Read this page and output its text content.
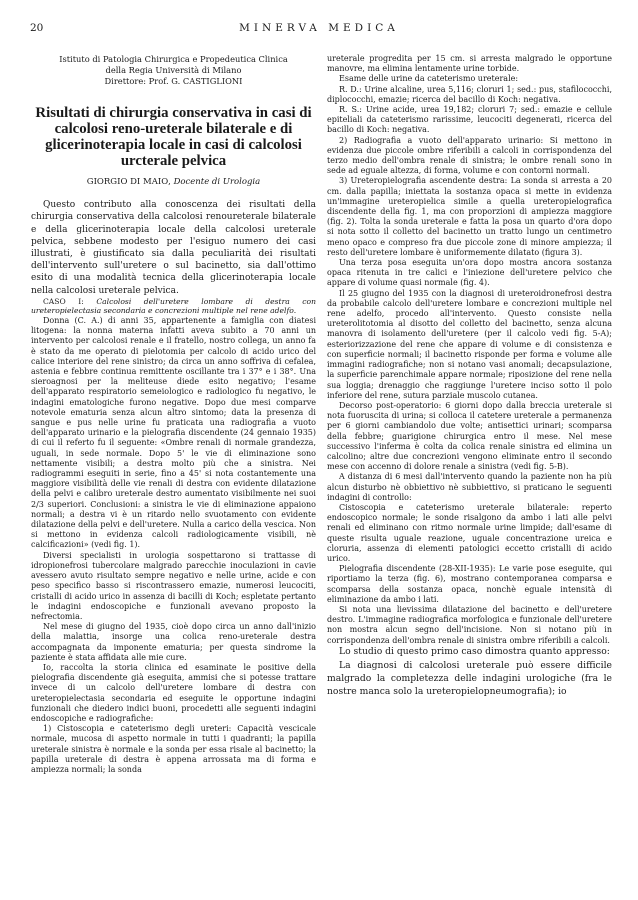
20	MINERVA MEDICA
Istituto di Patologia Chirurgica e Propedeutica Clinica
della Regia Università di Milano
Direttore: Prof. G. CASTIGLIONI
Risultati di chirurgia conservativa in casi di calcolosi reno-ureterale bilaterale e di glicerinoterapia locale in casi di calcolosi urcterale pelvica
GIORGIO DI MAIO, Docente di Urologia

Questo contributo alla conoscenza dei risultati della chirurgia conservativa della calcolosi renoureterale bilaterale e della glicerinoterapia locale della calcolosi ureterale pelvica, sebbene modesto per l'esiguo numero dei casi illustrati, è giustificato sia dalla peculiarità dei risultati dell'intervento sull'uretere o sul bacinetto, sia dall'ottimo esito di una modalità tecnica della glicerinoterapia locale nella calcolosi ureterale pelvica.

CASO I: Calcolosi dell'uretere lombare di destra con ureteropielectasia secondaria e concrezioni multiple nel rene adelfo.

Donna (C. A.) di anni 35, appartenente a famiglia con diatesi litogena: la nonna materna infatti aveva subito a 70 anni un intervento per calcolosi renale e il fratello, nostro collega, un anno fa è stato da me operato di pielotomia per calcolo di acido urico del calice interiore del rene sinistro; da circa un anno soffriva di cefalea, astenia e febbre continua remittente oscillante tra i 37° e i 38°. Una sieroagnosi per la meliteuse diede esito negativo; l'esame dell'apparato respiratorio semeiologico e radiologico fu negativo, le indagini ematologiche furono negative. Dopo due mesi comparve notevole ematuria senza alcun altro sintomo; data la presenza di sangue e pus nelle urine fu praticata una radiografia a vuoto dell'apparato urinario e la pielografia discendente (24 gennaio 1935) di cui il referto fu il seguente: «Ombre renali di normale grandezza, uguali, in sede normale. Dopo 5' le vie di eliminazione sono nettamente visibili; a destra molto più che a sinistra. Nei radiogrammi eseguiti in serie, fino a 45' si nota costantemente una maggiore visibilità delle vie renali di destra con evidente dilatazione della pelvi e calibro ureterale destro aumentato visibilmente nei suoi 2/3 superiori. Conclusioni: a sinistra le vie di eliminazione appaiono normali; a destra vi è un ritardo nello svuotamento con evidente dilatazione della pelvi e dell'uretere. Nulla a carico della vescica. Non si mettono in evidenza calcoli radiologicamente visibili, nè calcificazioni» (vedi fig. 1).

Diversi specialisti in urologia sospettarono si trattasse di idropionefrosi tubercolare malgrado parecchie inoculazioni in cavie avessero avuto risultato sempre negativo e nelle urine, acide e con peso specifico basso si riscontrassero emazie, numerosi leucociti, cristalli di acido urico in assenza di bacilli di Koch; espletate pertanto le indagini endoscopiche e funzionali avevano proposto la nefrectomia.

Nel mese di giugno del 1935, cioè dopo circa un anno dall'inizio della malattia, insorge una colica reno-ureterale destra accompagnata da imponente ematuria; per questa sindrome la paziente è stata affidata alle mie cure.

Io, raccolta la storia clinica ed esaminate le positive della pielografia discendente già eseguita, ammisi che si potesse trattare invece di un calcolo dell'uretere lombare di destra con ureteropielectasia secondaria ed eseguite le opportune indagini funzionali che diedero indici buoni, procedetti alle seguenti indagini endoscopiche e radiografiche:

1) Cistoscopia e cateterismo degli ureteri: Capacità vescicale normale, mucosa di aspetto normale in tutti i quadranti; la papilla ureterale sinistra è normale e la sonda per essa risale al bacinetto; la papilla ureterale di destra è appena arrossata ma di forma e ampiezza normali; la sonda

ureterale progredita per 15 cm. si arresta malgrado le opportune manovre, ma elimina lentamente urine torbide.

Esame delle urine da cateterismo ureterale:

R. D.: Urine alcaline, urea 5,116; clorurі 1; sed.: pus, stafilococchi, diplococchi, emazie; ricerca del bacillo di Koch: negativa.

R. S.: Urine acide, urea 19,182; cloruri 7; sed.: emazie e cellule epiteliali da cateterismo rarissime, leucociti degenerati, ricerca del bacillo di Koch: negativa.

2) Radiografia a vuoto dell'apparato urinario: Si mettono in evidenza due piccole ombre riferibili a calcoli in corrispondenza del terzo medio dell'ombra renale di sinistra; le ombre renali sono in sede ad eguale altezza, di forma, volume e con contorni normali.

3) Ureteropielografia ascendente destra: La sonda si arresta a 20 cm. dalla papilla; iniettata la sostanza opaca si mette in evidenza un'immagine ureteropielica simile a quella ureteropielografica discendente della fig. 1, ma con proporzioni di ampiezza maggiore (fig. 2). Tolta la sonda ureterale e fatta la posa un quarto d'ora dopo si nota sotto il colletto del bacinetto un tratto lungo un centimetro meno opaco e compreso fra due piccole zone di minore ampiezza; il resto dell'uretere lombare è uniformemente dilatato (figura 3).

Una terza posa eseguita un'ora dopo mostra ancora sostanza opaca ritenuta in tre calici e l'iniezione dell'uretere pelvico che appare di volume quasi normale (fig. 4).

Il 25 giugno del 1935 con la diagnosi di ureteroidronefrosi destra da probabile calcolo dell'uretere lombare e concrezioni multiple nel rene adelfo, procedo all'intervento. Questo consiste nella ureterolitotomia al disotto del colletto del bacinetto, senza alcuna manovra di isolamento dell'uretere (per il calcolo vedi fig. 5-A); esteriorizzazione del rene che appare di volume e di consistenza e con superficie normali; il bacinetto risponde per forma e volume alle immagini radiografiche; non si notano vasi anomali; decapsulazione, la superficie parenchimale appare normale; riposizione del rene nella sua loggia; drenaggio che raggiunge l'uretere inciso sotto il polo inferiore del rene, sutura parziale muscolo cutanea.

Decorso post-operatorio: 6 giorni dopo dalla breccia ureterale si nota fuoruscita di urina; si colloca il catetere ureterale a permanenza per 6 giorni cambiandolo due volte; antisettici urinari; scomparsa della febbre; guarigione chirurgica entro il mese. Nel mese successivo l'inferma è colta da colica renale sinistra ed elimina un calcolino; altre due concrezioni vengono eliminate entro il secondo mese con accenno di dolore renale a sinistra (vedi fig. 5-B).

A distanza di 6 mesi dall'intervento quando la paziente non ha più alcun disturbo nè obbiettivo nè subbiettivo, si praticano le seguenti indagini di controllo:

Cistoscopia e cateterismo ureterale bilaterale: reperto endoscopico normale; le sonde risalgono da ambo i lati alle pelvi renali ed eliminano con ritmo normale urine limpide; dall'esame di queste risulta uguale reazione, uguale concentrazione ureica e cloruria, assenza di elementi patologici eccetto cristalli di acido urico.

Pielografia discendente (28-XII-1935): Le varie pose eseguite, qui riportiamo la terza (fig. 6), mostrano contemporanea comparsa e scomparsa della sostanza opaca, nonchè eguale intensità di eliminazione da ambo i lati.

Si nota una lievissima dilatazione del bacinetto e dell'uretere destro. L'immagine radiografica morfologica e funzionale dell'uretere non mostra alcun segno dell'incisione. Non si notano più in corrispondenza dell'ombra renale di sinistra ombre riferibili a calcoli.

Lo studio di questo primo caso dimostra quanto appresso:

La diagnosi di calcolosi ureterale può essere difficile malgrado la completezza delle indagini urologiche (fra le nostre manca solo la ureteropielopneumografia); io
